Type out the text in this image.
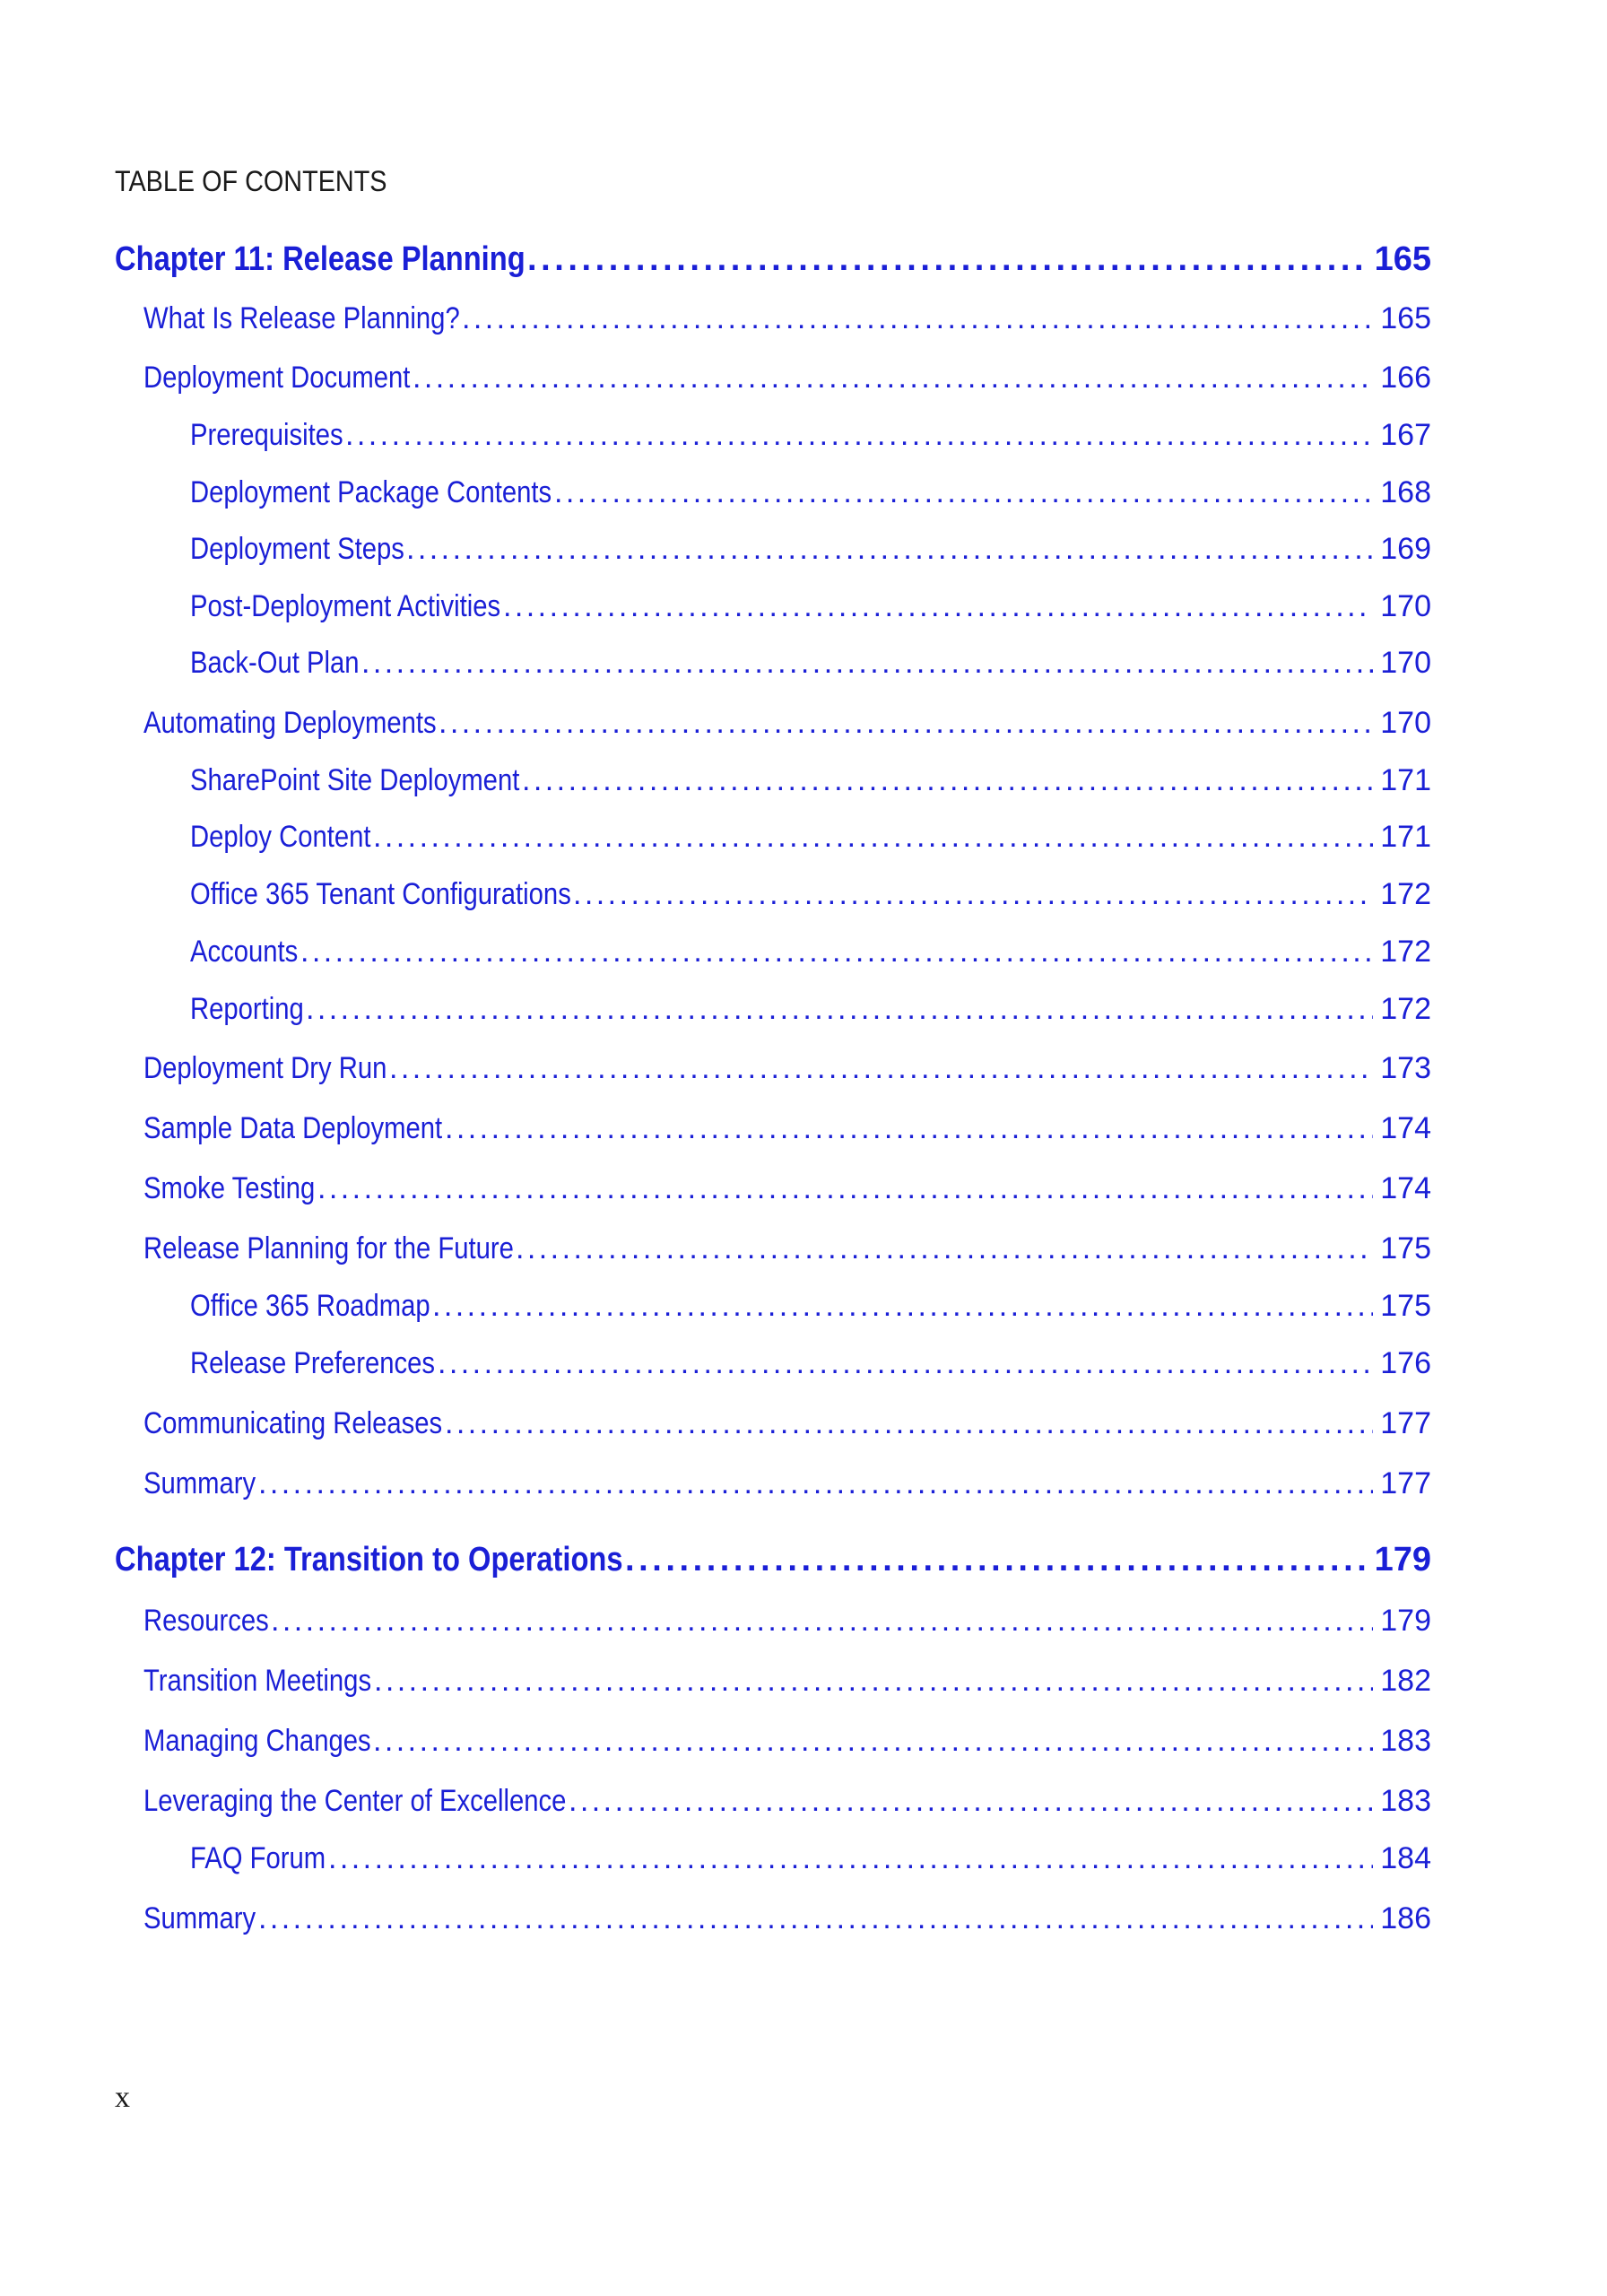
TABLE OF CONTENTS
Chapter 11: Release Planning . . .	165
What Is Release Planning? . . .	165
Deployment Document . . .	166
Prerequisites . . .	167
Deployment Package Contents . . .	168
Deployment Steps . . .	169
Post-Deployment Activities . . .	170
Back-Out Plan . . .	170
Automating Deployments . . .	170
SharePoint Site Deployment . . .	171
Deploy Content . . .	171
Office 365 Tenant Configurations . . .	172
Accounts . . .	172
Reporting . . .	172
Deployment Dry Run . . .	173
Sample Data Deployment . . .	174
Smoke Testing . . .	174
Release Planning for the Future . . .	175
Office 365 Roadmap . . .	175
Release Preferences . . .	176
Communicating Releases . . .	177
Summary . . .	177
Chapter 12: Transition to Operations . . .	179
Resources . . .	179
Transition Meetings . . .	182
Managing Changes . . .	183
Leveraging the Center of Excellence . . .	183
FAQ Forum . . .	184
Summary . . .	186
x
